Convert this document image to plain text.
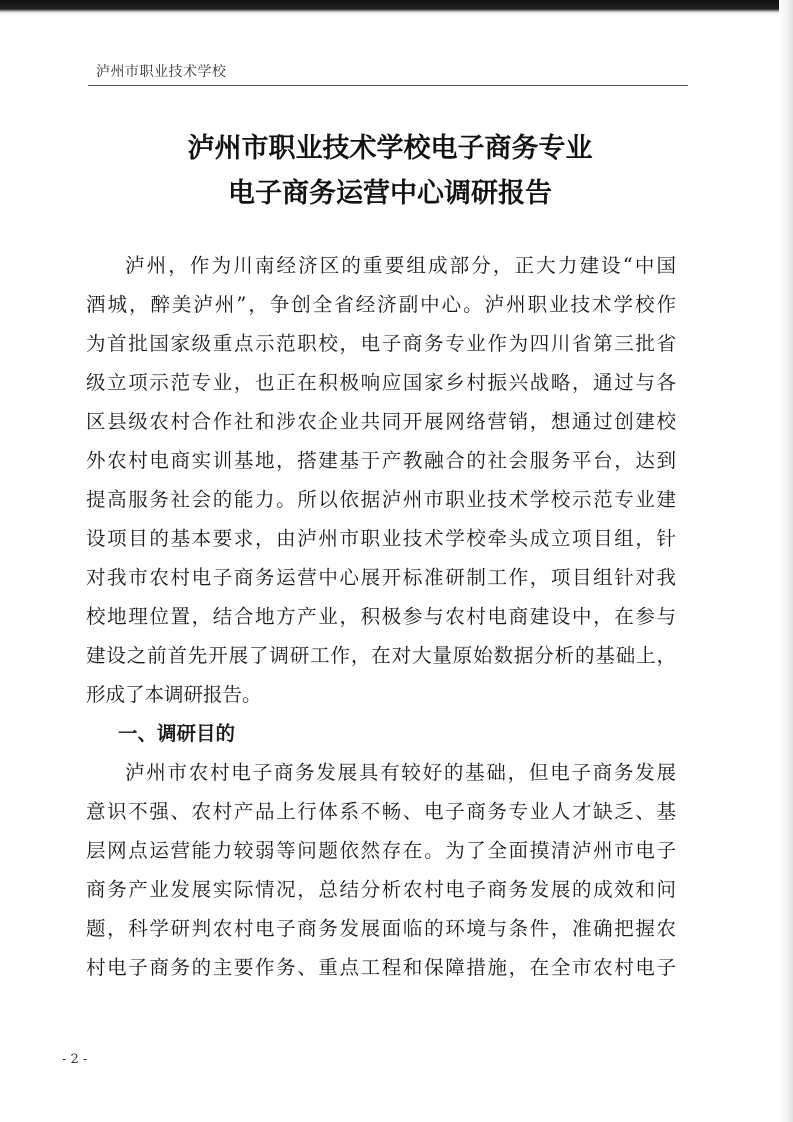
泸州市职业技术学校
泸州市职业技术学校电子商务专业
电子商务运营中心调研报告
泸州，作为川南经济区的重要组成部分，正大力建设“中国
酒城，醉美泸州”，争创全省经济副中心。泸州职业技术学校作
为首批国家级重点示范职校，电子商务专业作为四川省第三批省
级立项示范专业，也正在积极响应国家乡村振兴战略，通过与各
区县级农村合作社和涉农企业共同开展网络营销，想通过创建校
外农村电商实训基地，搭建基于产教融合的社会服务平台，达到
提高服务社会的能力。所以依据泸州市职业技术学校示范专业建
设项目的基本要求，由泸州市职业技术学校牵头成立项目组，针
对我市农村电子商务运营中心展开标准研制工作，项目组针对我
校地理位置，结合地方产业，积极参与农村电商建设中，在参与
建设之前首先开展了调研工作，在对大量原始数据分析的基础上，
形成了本调研报告。
一、调研目的
泸州市农村电子商务发展具有较好的基础，但电子商务发展
意识不强、农村产品上行体系不畅、电子商务专业人才缺乏、基
层网点运营能力较弱等问题依然存在。为了全面摸清泸州市电子
商务产业发展实际情况，总结分析农村电子商务发展的成效和问
题，科学研判农村电子商务发展面临的环境与条件，准确把握农
村电子商务的主要作务、重点工程和保障措施，在全市农村电子
- 2 -
